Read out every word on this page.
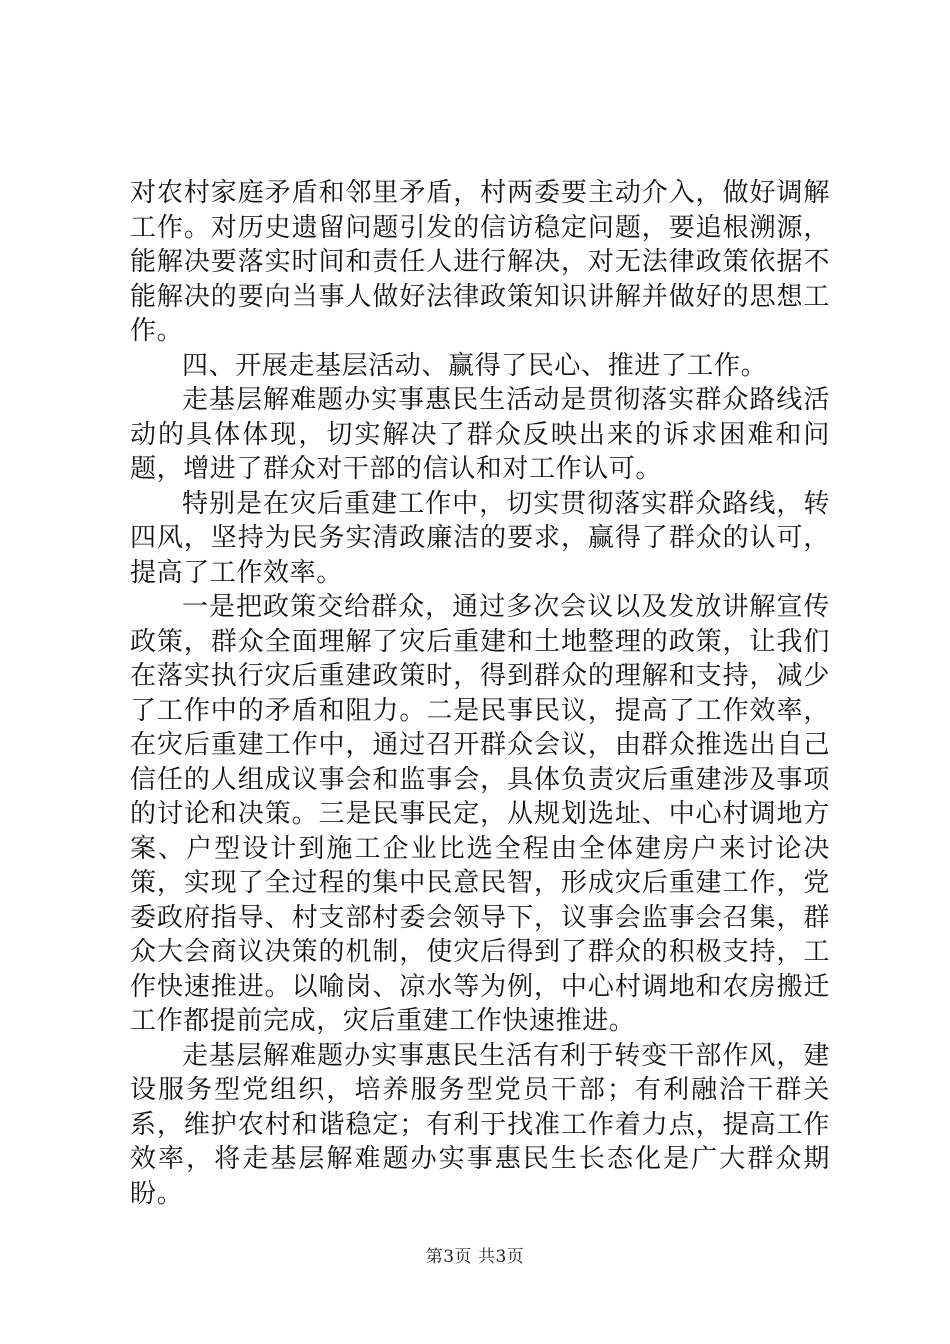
对农村家庭矛盾和邻里矛盾，村两委要主动介入，做好调解工作。对历史遗留问题引发的信访稳定问题，要追根溯源，能解决要落实时间和责任人进行解决，对无法律政策依据不能解决的要向当事人做好法律政策知识讲解并做好的思想工作。

四、开展走基层活动、赢得了民心、推进了工作。

走基层解难题办实事惠民生活动是贯彻落实群众路线活动的具体体现，切实解决了群众反映出来的诉求困难和问题，增进了群众对干部的信认和对工作认可。

特别是在灾后重建工作中，切实贯彻落实群众路线，转四风，坚持为民务实清政廉洁的要求，赢得了群众的认可，提高了工作效率。

一是把政策交给群众，通过多次会议以及发放讲解宣传政策，群众全面理解了灾后重建和土地整理的政策，让我们在落实执行灾后重建政策时，得到群众的理解和支持，减少了工作中的矛盾和阻力。二是民事民议，提高了工作效率，在灾后重建工作中，通过召开群众会议，由群众推选出自己信任的人组成议事会和监事会，具体负责灾后重建涉及事项的讨论和决策。三是民事民定，从规划选址、中心村调地方案、户型设计到施工企业比选全程由全体建房户来讨论决策，实现了全过程的集中民意民智，形成灾后重建工作，党委政府指导、村支部村委会领导下，议事会监事会召集，群众大会商议决策的机制，使灾后得到了群众的积极支持，工作快速推进。以喻岗、凉水等为例，中心村调地和农房搬迁工作都提前完成，灾后重建工作快速推进。

走基层解难题办实事惠民生活有利于转变干部作风，建设服务型党组织，培养服务型党员干部；有利融洽干群关系，维护农村和谐稳定；有利于找准工作着力点，提高工作效率，将走基层解难题办实事惠民生长态化是广大群众期盼。

第3页 共3页
